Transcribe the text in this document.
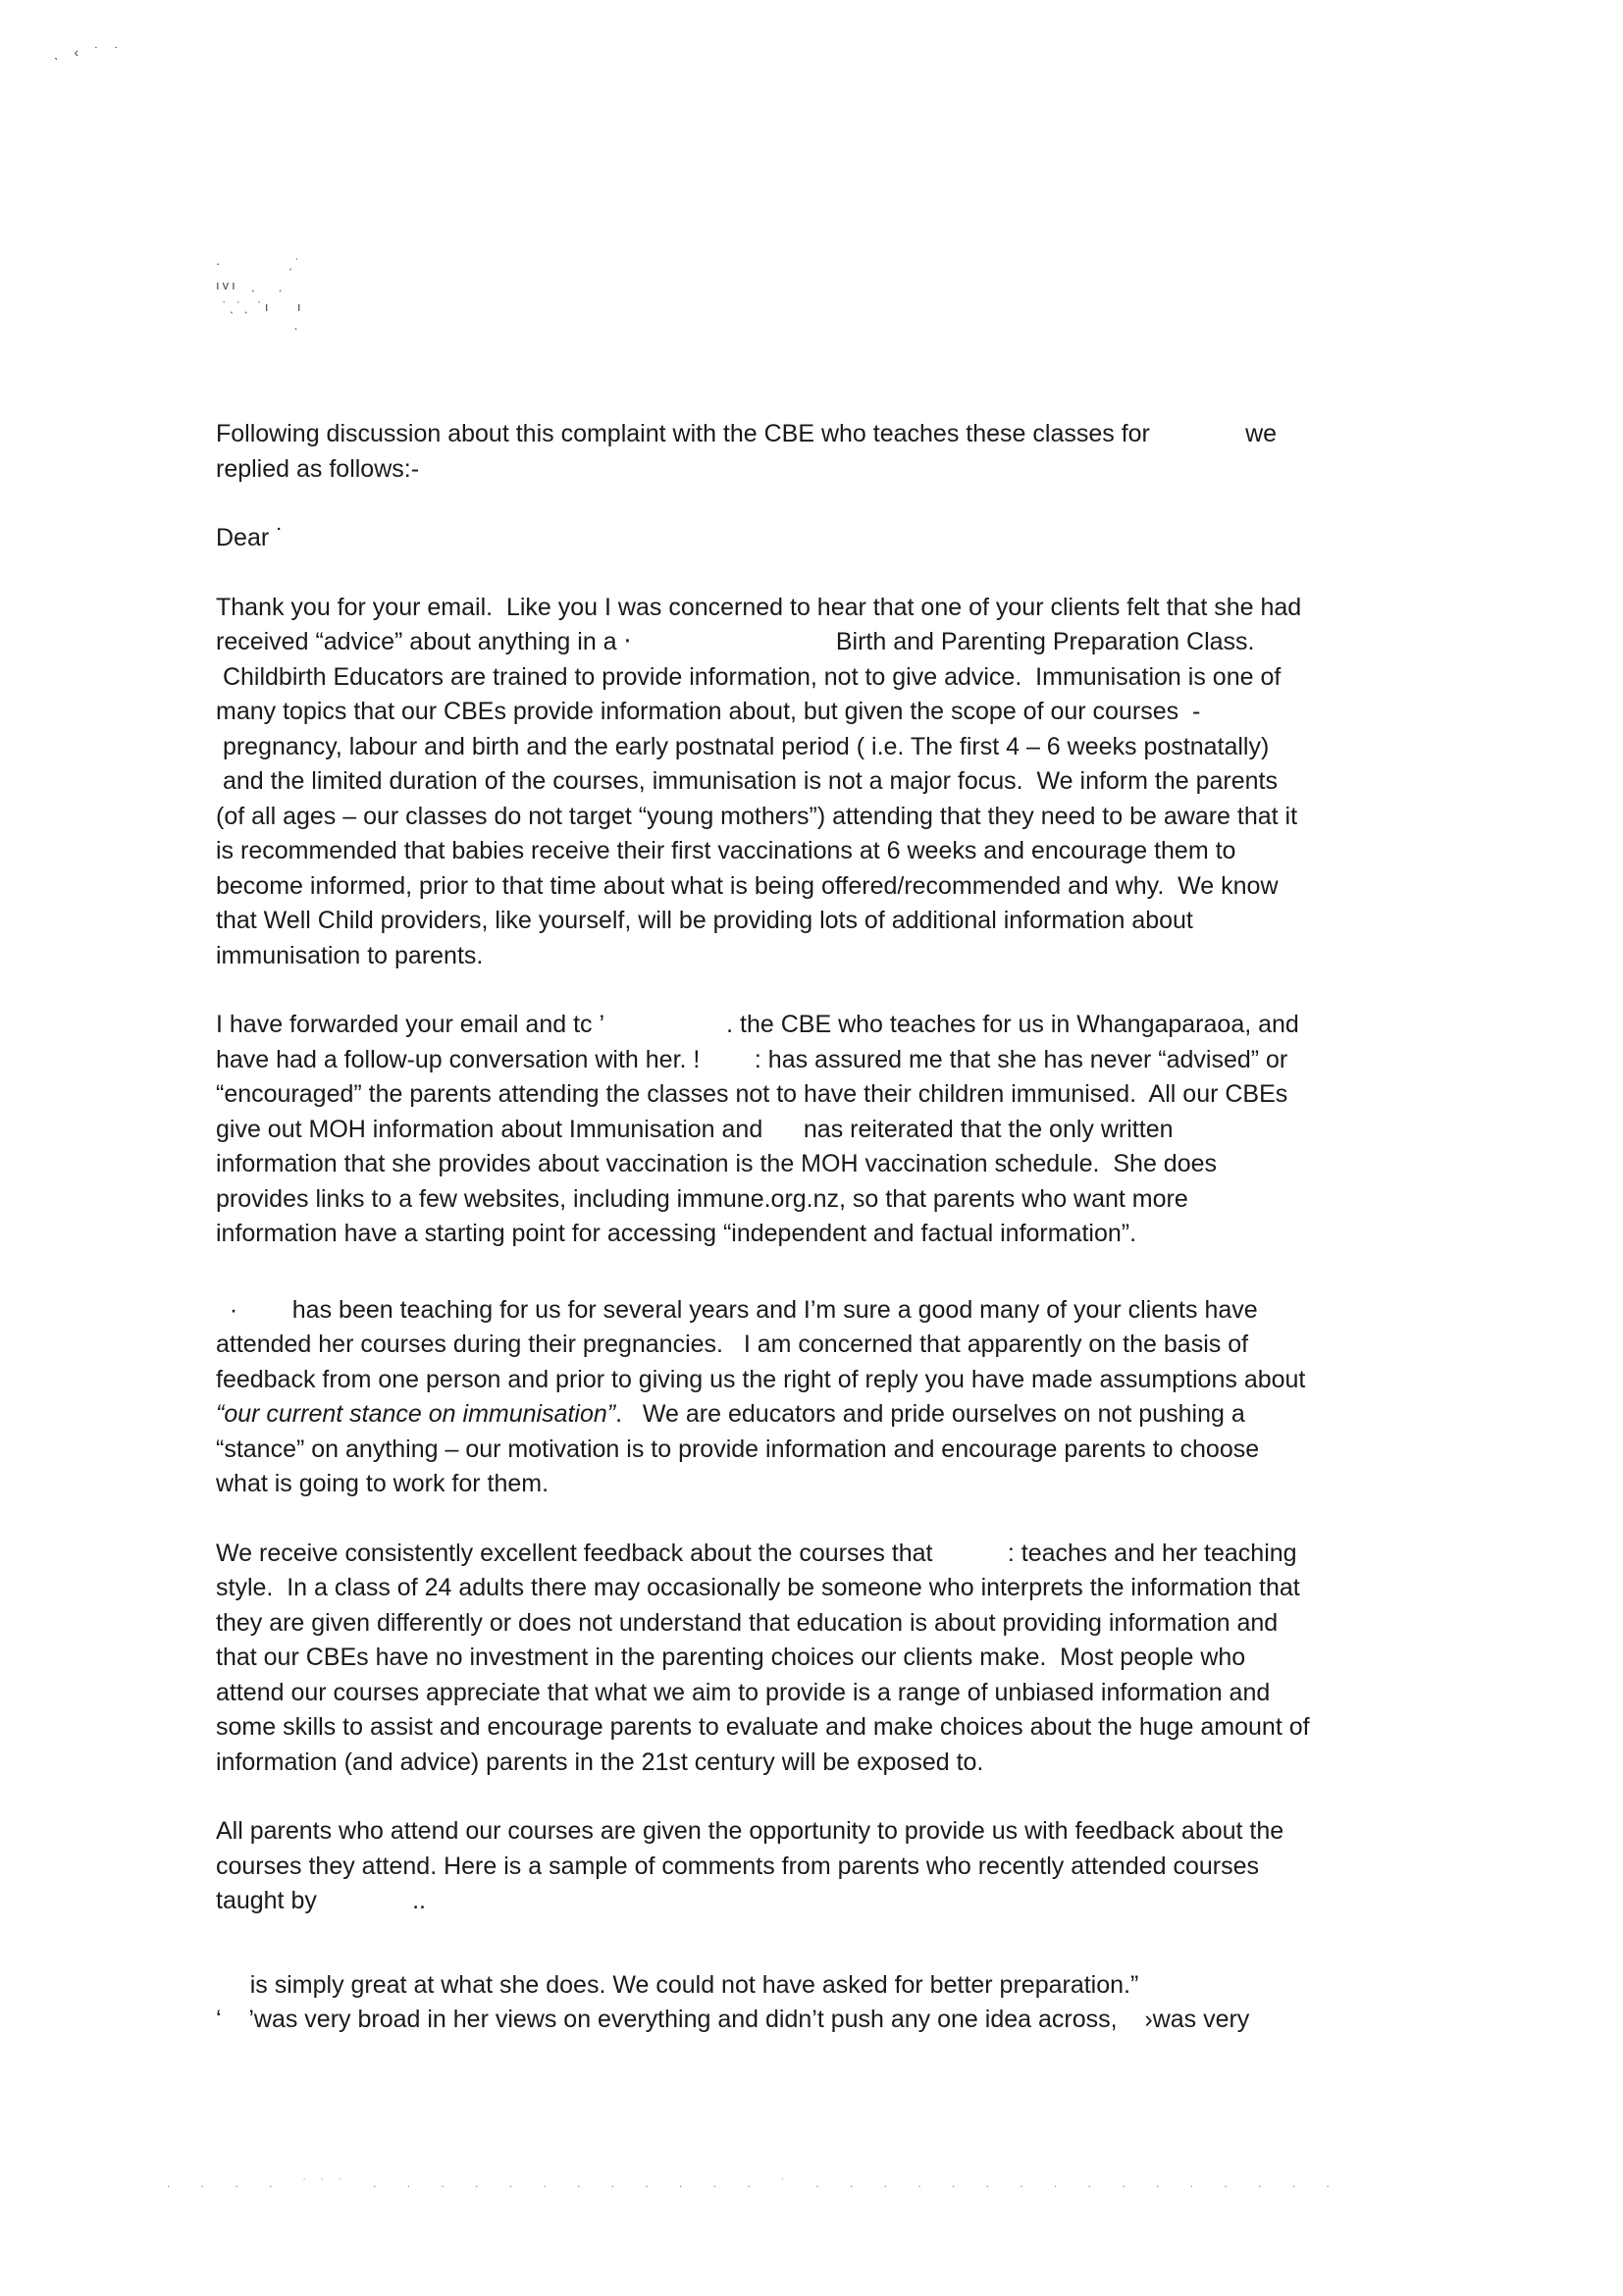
ˎ ‹ ˙ ˙
·          ˏ˙
ıvı  ˎ   ˏ
˙ˎ˙ˎ ˙ı    ı
·

Following discussion about this complaint with the CBE who teaches these classes for              we
replied as follows:-

Dear ˙

Thank you for your email.  Like you I was concerned to hear that one of your clients felt that she had
received “advice” about anything in a ‧                              Birth and Parenting Preparation Class.
Childbirth Educators are trained to provide information, not to give advice.  Immunisation is one of
many topics that our CBEs provide information about, but given the scope of our courses  -
pregnancy, labour and birth and the early postnatal period ( i.e. The first 4 – 6 weeks postnatally)
and the limited duration of the courses, immunisation is not a major focus.  We inform the parents
(of all ages – our classes do not target “young mothers”) attending that they need to be aware that it
is recommended that babies receive their first vaccinations at 6 weeks and encourage them to
become informed, prior to that time about what is being offered/recommended and why.  We know
that Well Child providers, like yourself, will be providing lots of additional information about
immunisation to parents.

I have forwarded your email and tc ’                  . the CBE who teaches for us in Whangaparaoa, and
have had a follow-up conversation with her. !        : has assured me that she has never “advised” or
“encouraged” the parents attending the classes not to have their children immunised.  All our CBEs
give out MOH information about Immunisation and      nas reiterated that the only written
information that she provides about vaccination is the MOH vaccination schedule.  She does
provides links to a few websites, including immune.org.nz, so that parents who want more
information have a starting point for accessing “independent and factual information”.

·        has been teaching for us for several years and I’m sure a good many of your clients have
attended her courses during their pregnancies.   I am concerned that apparently on the basis of
feedback from one person and prior to giving us the right of reply you have made assumptions about
“our current stance on immunisation”.   We are educators and pride ourselves on not pushing a
“stance” on anything – our motivation is to provide information and encourage parents to choose
what is going to work for them.

We receive consistently excellent feedback about the courses that           : teaches and her teaching
style.  In a class of 24 adults there may occasionally be someone who interprets the information that
they are given differently or does not understand that education is about providing information and
that our CBEs have no investment in the parenting choices our clients make.  Most people who
attend our courses appreciate that what we aim to provide is a range of unbiased information and
some skills to assist and encourage parents to evaluate and make choices about the huge amount of
information (and advice) parents in the 21st century will be exposed to.

All parents who attend our courses are given the opportunity to provide us with feedback about the
courses they attend. Here is a sample of comments from parents who recently attended courses
taught by              ..

is simply great at what she does. We could not have asked for better preparation.”
‘    ’was very broad in her views on everything and didn’t push any one idea across,    ›was very

. . . . ˙˙˙ . . . . . . . . . . . . ˙ . . . . . . . . . . . . . . . .
